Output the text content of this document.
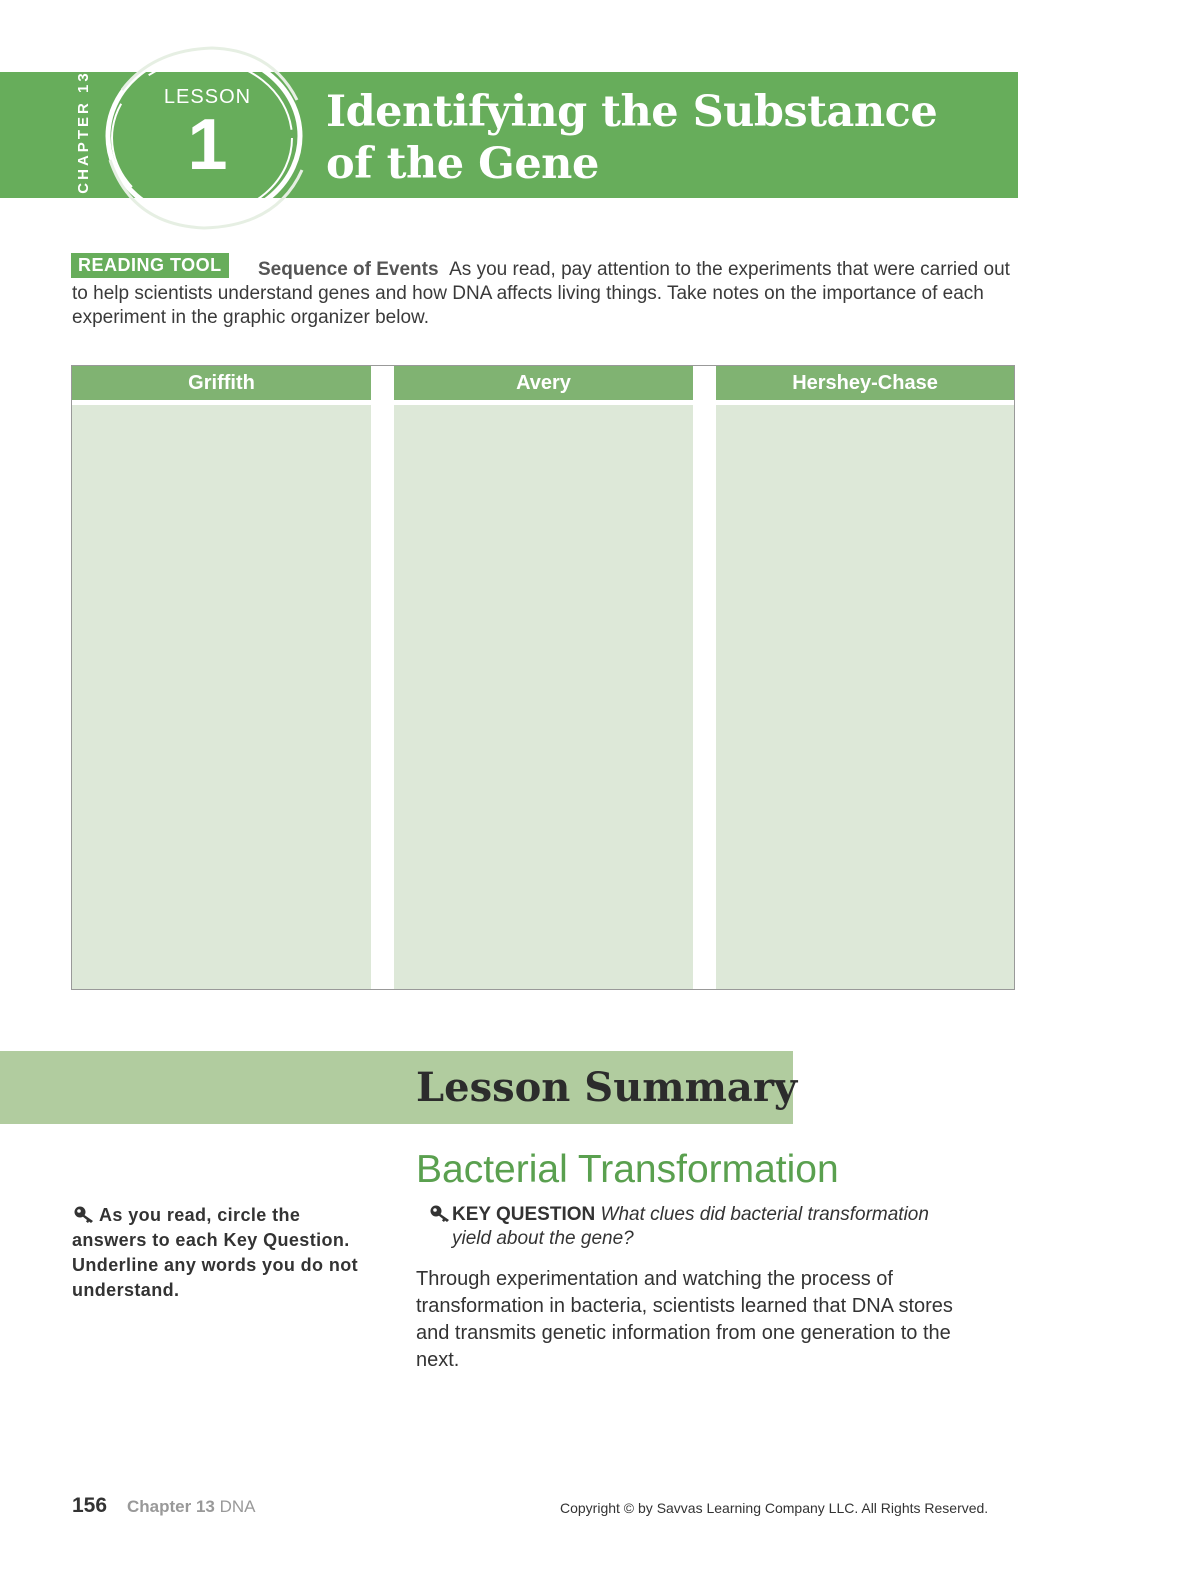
CHAPTER 13	LESSON
1	Identifying the Substance
of the Gene
READING TOOL	Sequence of Events As you read, pay attention to the experiments that were carried out to help scientists understand genes and how DNA affects living things. Take notes on the importance of each experiment in the graphic organizer below.
Griffith	Avery	Hershey-Chase
Lesson Summary
Bacterial Transformation
As you read, circle the answers to each Key Question. Underline any words you do not understand.
KEY QUESTION What clues did bacterial transformation
yield about the gene?
Through experimentation and watching the process of transformation in bacteria, scientists learned that DNA stores and transmits genetic information from one generation to the next.
156 Chapter 13 DNA	Copyright © by Savvas Learning Company LLC. All Rights Reserved.
